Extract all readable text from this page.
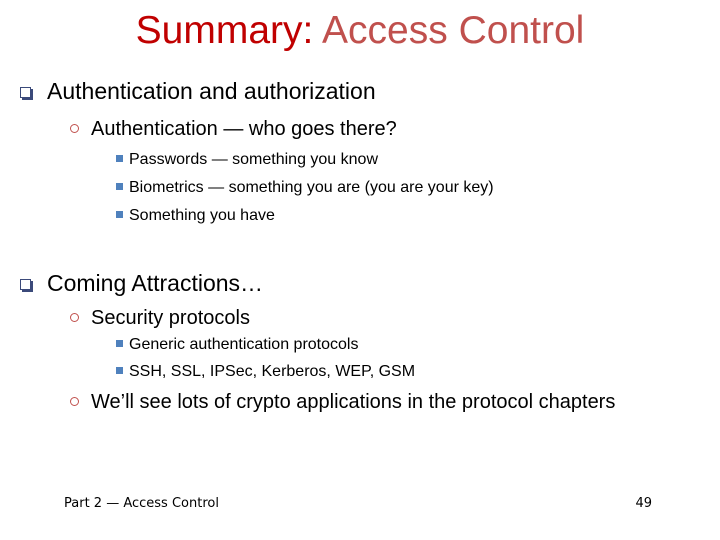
Summary: Access Control
Authentication and authorization
Authentication — who goes there?
Passwords — something you know
Biometrics — something you are (you are your key)
Something you have
Coming Attractions…
Security protocols
Generic authentication protocols
SSH, SSL, IPSec, Kerberos, WEP, GSM
We’ll see lots of crypto applications in the protocol chapters
Part 2 — Access Control	49
